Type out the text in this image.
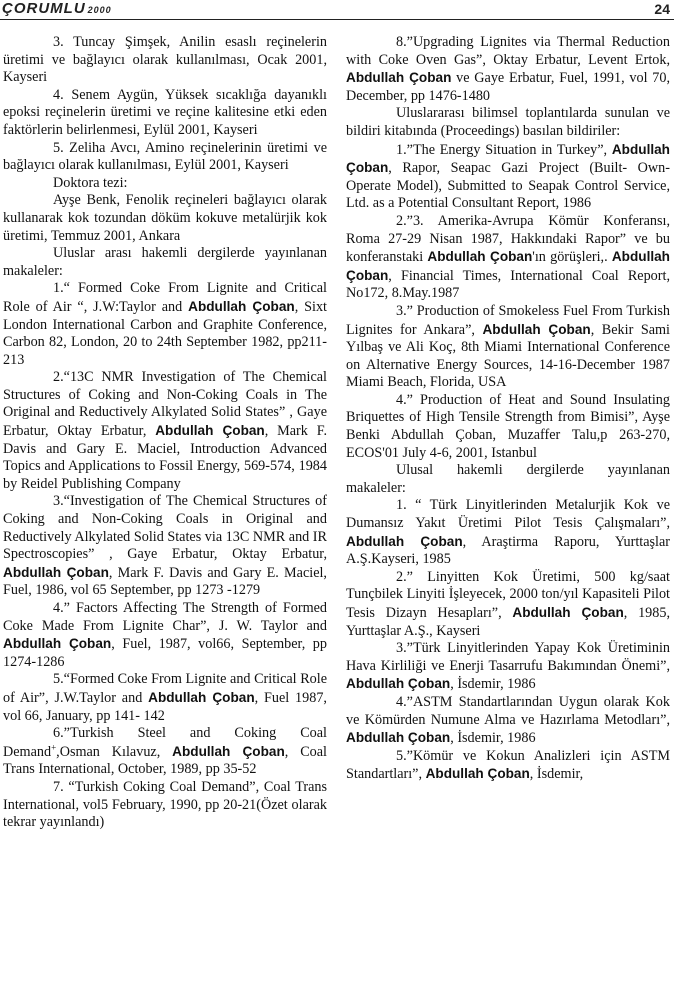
ÇORUMLU 2000	24

3. Tuncay Şimşek, Anilin esaslı reçinelerin üretimi ve bağlayıcı olarak kullanılması, Ocak 2001, Kayseri

4. Senem Aygün, Yüksek sıcaklığa dayanıklı epoksi reçinelerin üretimi ve reçine kalitesine etki eden faktörlerin belirlenmesi, Eylül 2001, Kayseri

5. Zeliha Avcı, Amino reçinelerinin üretimi ve bağlayıcı olarak kullanılması, Eylül 2001, Kayseri

Doktora tezi:

Ayşe Benk, Fenolik reçineleri bağlayıcı olarak kullanarak kok tozundan döküm kokuve metalürjik kok üretimi, Temmuz 2001, Ankara

Uluslar arası hakemli dergilerde yayınlanan makaleler:

1.“ Formed Coke From Lignite and Critical Role of Air “, J.W:Taylor and Abdullah Çoban, Sixt London International Carbon and Graphite Conference, Carbon 82, London, 20 to 24th September 1982, pp211-213

2.“13C NMR Investigation of The Chemical Structures of Coking and Non-Coking Coals in The Original and Reductively Alkylated Solid States” , Gaye Erbatur, Oktay Erbatur, Abdullah Çoban, Mark F. Davis and Gary E. Maciel, Introduction Advanced Topics and Applications to Fossil Energy, 569-574, 1984 by Reidel Publishing Company

3.“Investigation of The Chemical Structures of Coking and Non-Coking Coals in Original and Reductively Alkylated Solid States via 13C NMR and IR Spectroscopies” , Gaye Erbatur, Oktay Erbatur, Abdullah Çoban, Mark F. Davis and Gary E. Maciel, Fuel, 1986, vol 65 September, pp 1273 -1279

4.” Factors Affecting The Strength of Formed Coke Made From Lignite Char”, J. W. Taylor and Abdullah Çoban, Fuel, 1987, vol66, September, pp 1274-1286

5.“Formed Coke From Lignite and Critical Role of Air”, J.W.Taylor and Abdullah Çoban, Fuel 1987, vol 66, January, pp 141- 142

6.”Turkish Steel and Coking Coal Demand+,Osman Kılavuz, Abdullah Çoban, Coal Trans International, October, 1989, pp 35-52

7. “Turkish Coking Coal Demand”, Coal Trans International, vol5 February, 1990, pp 20-21(Özet olarak tekrar yayınlandı)

8.”Upgrading Lignites via Thermal Reduction with Coke Oven Gas”, Oktay Erbatur, Levent Ertok, Abdullah Çoban ve Gaye Erbatur, Fuel, 1991, vol 70, December, pp 1476-1480

Uluslararası bilimsel toplantılarda sunulan ve bildiri kitabında (Proceedings) basılan bildiriler:

1.”The Energy Situation in Turkey”, Abdullah Çoban, Rapor, Seapac Gazi Project (Built- Own- Operate Model), Submitted to Seapak Control Service, Ltd. as a Potential Consultant Report, 1986

2.”3. Amerika-Avrupa Kömür Konferansı, Roma 27-29 Nisan 1987, Hakkındaki Rapor” ve bu konferanstaki Abdullah Çoban'ın görüşleri,. Abdullah Çoban, Financial Times, International Coal Report, No172, 8.May.1987

3.” Production of Smokeless Fuel From Turkish Lignites for Ankara”, Abdullah Çoban, Bekir Sami Yılbaş ve Ali Koç, 8th Miami International Conference on Alternative Energy Sources, 14-16-December 1987 Miami Beach, Florida, USA

4.” Production of Heat and Sound Insulating Briquettes of High Tensile Strength from Bimisi”, Ayşe Benki Abdullah Çoban, Muzaffer Talu,p 263-270, ECOS'01 July 4-6, 2001, Istanbul

Ulusal hakemli dergilerde yayınlanan makaleler:

1. “ Türk Linyitlerinden Metalurjik Kok ve Dumansız Yakıt Üretimi Pilot Tesis Çalışmaları”, Abdullah Çoban, Araştirma Raporu, Yurttaşlar A.Ş.Kayseri, 1985

2.” Linyitten Kok Üretimi, 500 kg/saat Tunçbilek Linyiti İşleyecek, 2000 ton/yıl Kapasiteli Pilot Tesis Dizayn Hesapları”, Abdullah Çoban, 1985, Yurttaşlar A.Ş., Kayseri

3.”Türk Linyitlerinden Yapay Kok Üretiminin Hava Kirliliği ve Enerji Tasarrufu Bakımından Önemi”, Abdullah Çoban, İsdemir, 1986

4.”ASTM Standartlarından Uygun olarak Kok ve Kömürden Numune Alma ve Hazırlama Metodları”, Abdullah Çoban, İsdemir, 1986

5.”Kömür ve Kokun Analizleri için ASTM Standartları”, Abdullah Çoban, İsdemir,
